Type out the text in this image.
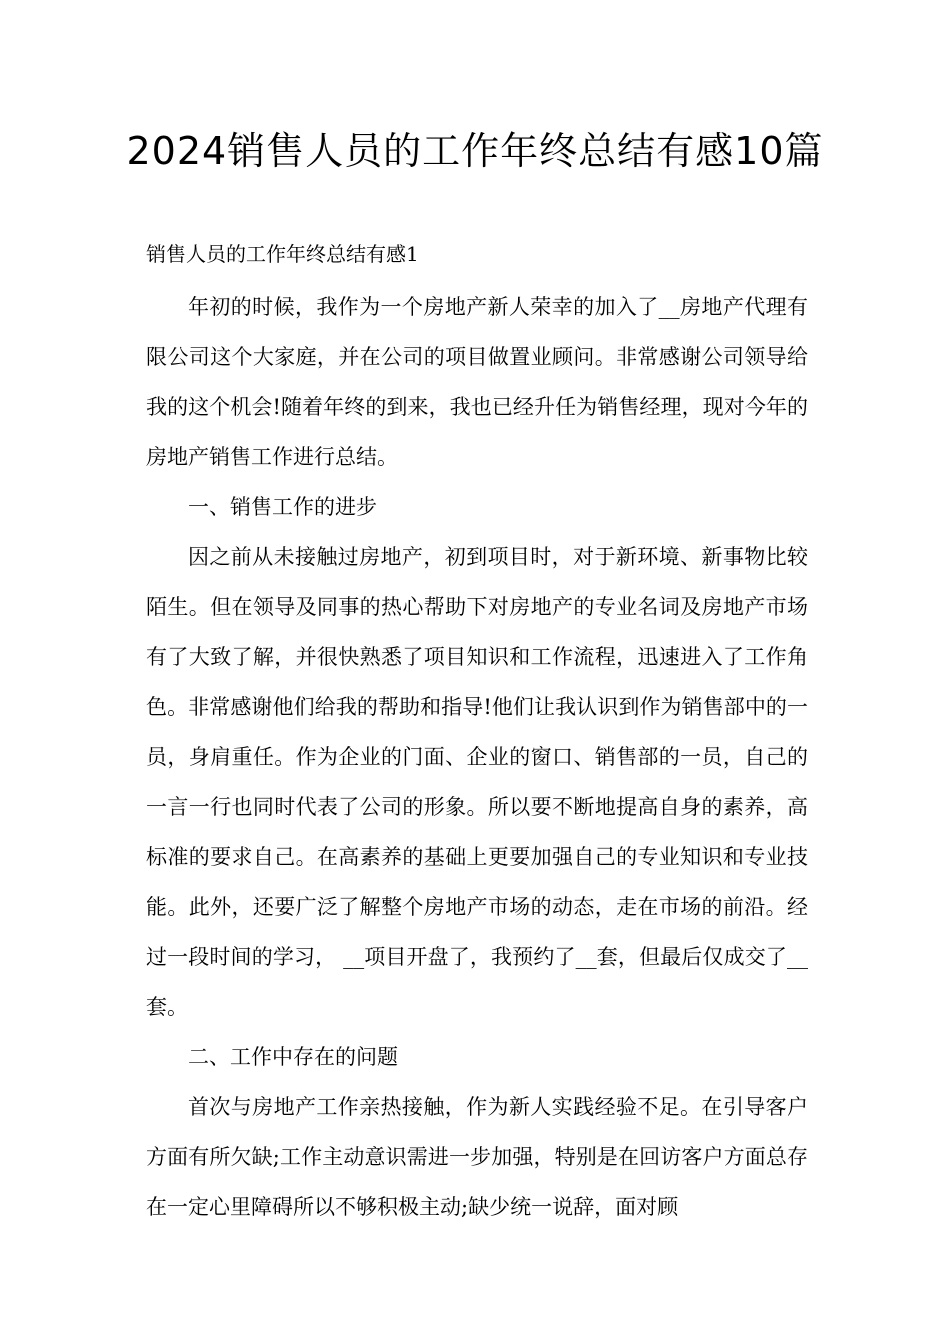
2024销售人员的工作年终总结有感10篇
销售人员的工作年终总结有感1

年初的时候，我作为一个房地产新人荣幸的加入了__房地产代理有限公司这个大家庭，并在公司的项目做置业顾问。非常感谢公司领导给我的这个机会!随着年终的到来，我也已经升任为销售经理，现对今年的房地产销售工作进行总结。

一、销售工作的进步

因之前从未接触过房地产，初到项目时，对于新环境、新事物比较陌生。但在领导及同事的热心帮助下对房地产的专业名词及房地产市场有了大致了解，并很快熟悉了项目知识和工作流程，迅速进入了工作角色。非常感谢他们给我的帮助和指导!他们让我认识到作为销售部中的一员，身肩重任。作为企业的门面、企业的窗口、销售部的一员，自己的一言一行也同时代表了公司的形象。所以要不断地提高自身的素养，高标准的要求自己。在高素养的基础上更要加强自己的专业知识和专业技能。此外，还要广泛了解整个房地产市场的动态，走在市场的前沿。经过一段时间的学习， __项目开盘了，我预约了__套，但最后仅成交了__套。

二、工作中存在的问题

首次与房地产工作亲热接触，作为新人实践经验不足。在引导客户方面有所欠缺;工作主动意识需进一步加强，特别是在回访客户方面总存在一定心里障碍所以不够积极主动;缺少统一说辞，面对顾
